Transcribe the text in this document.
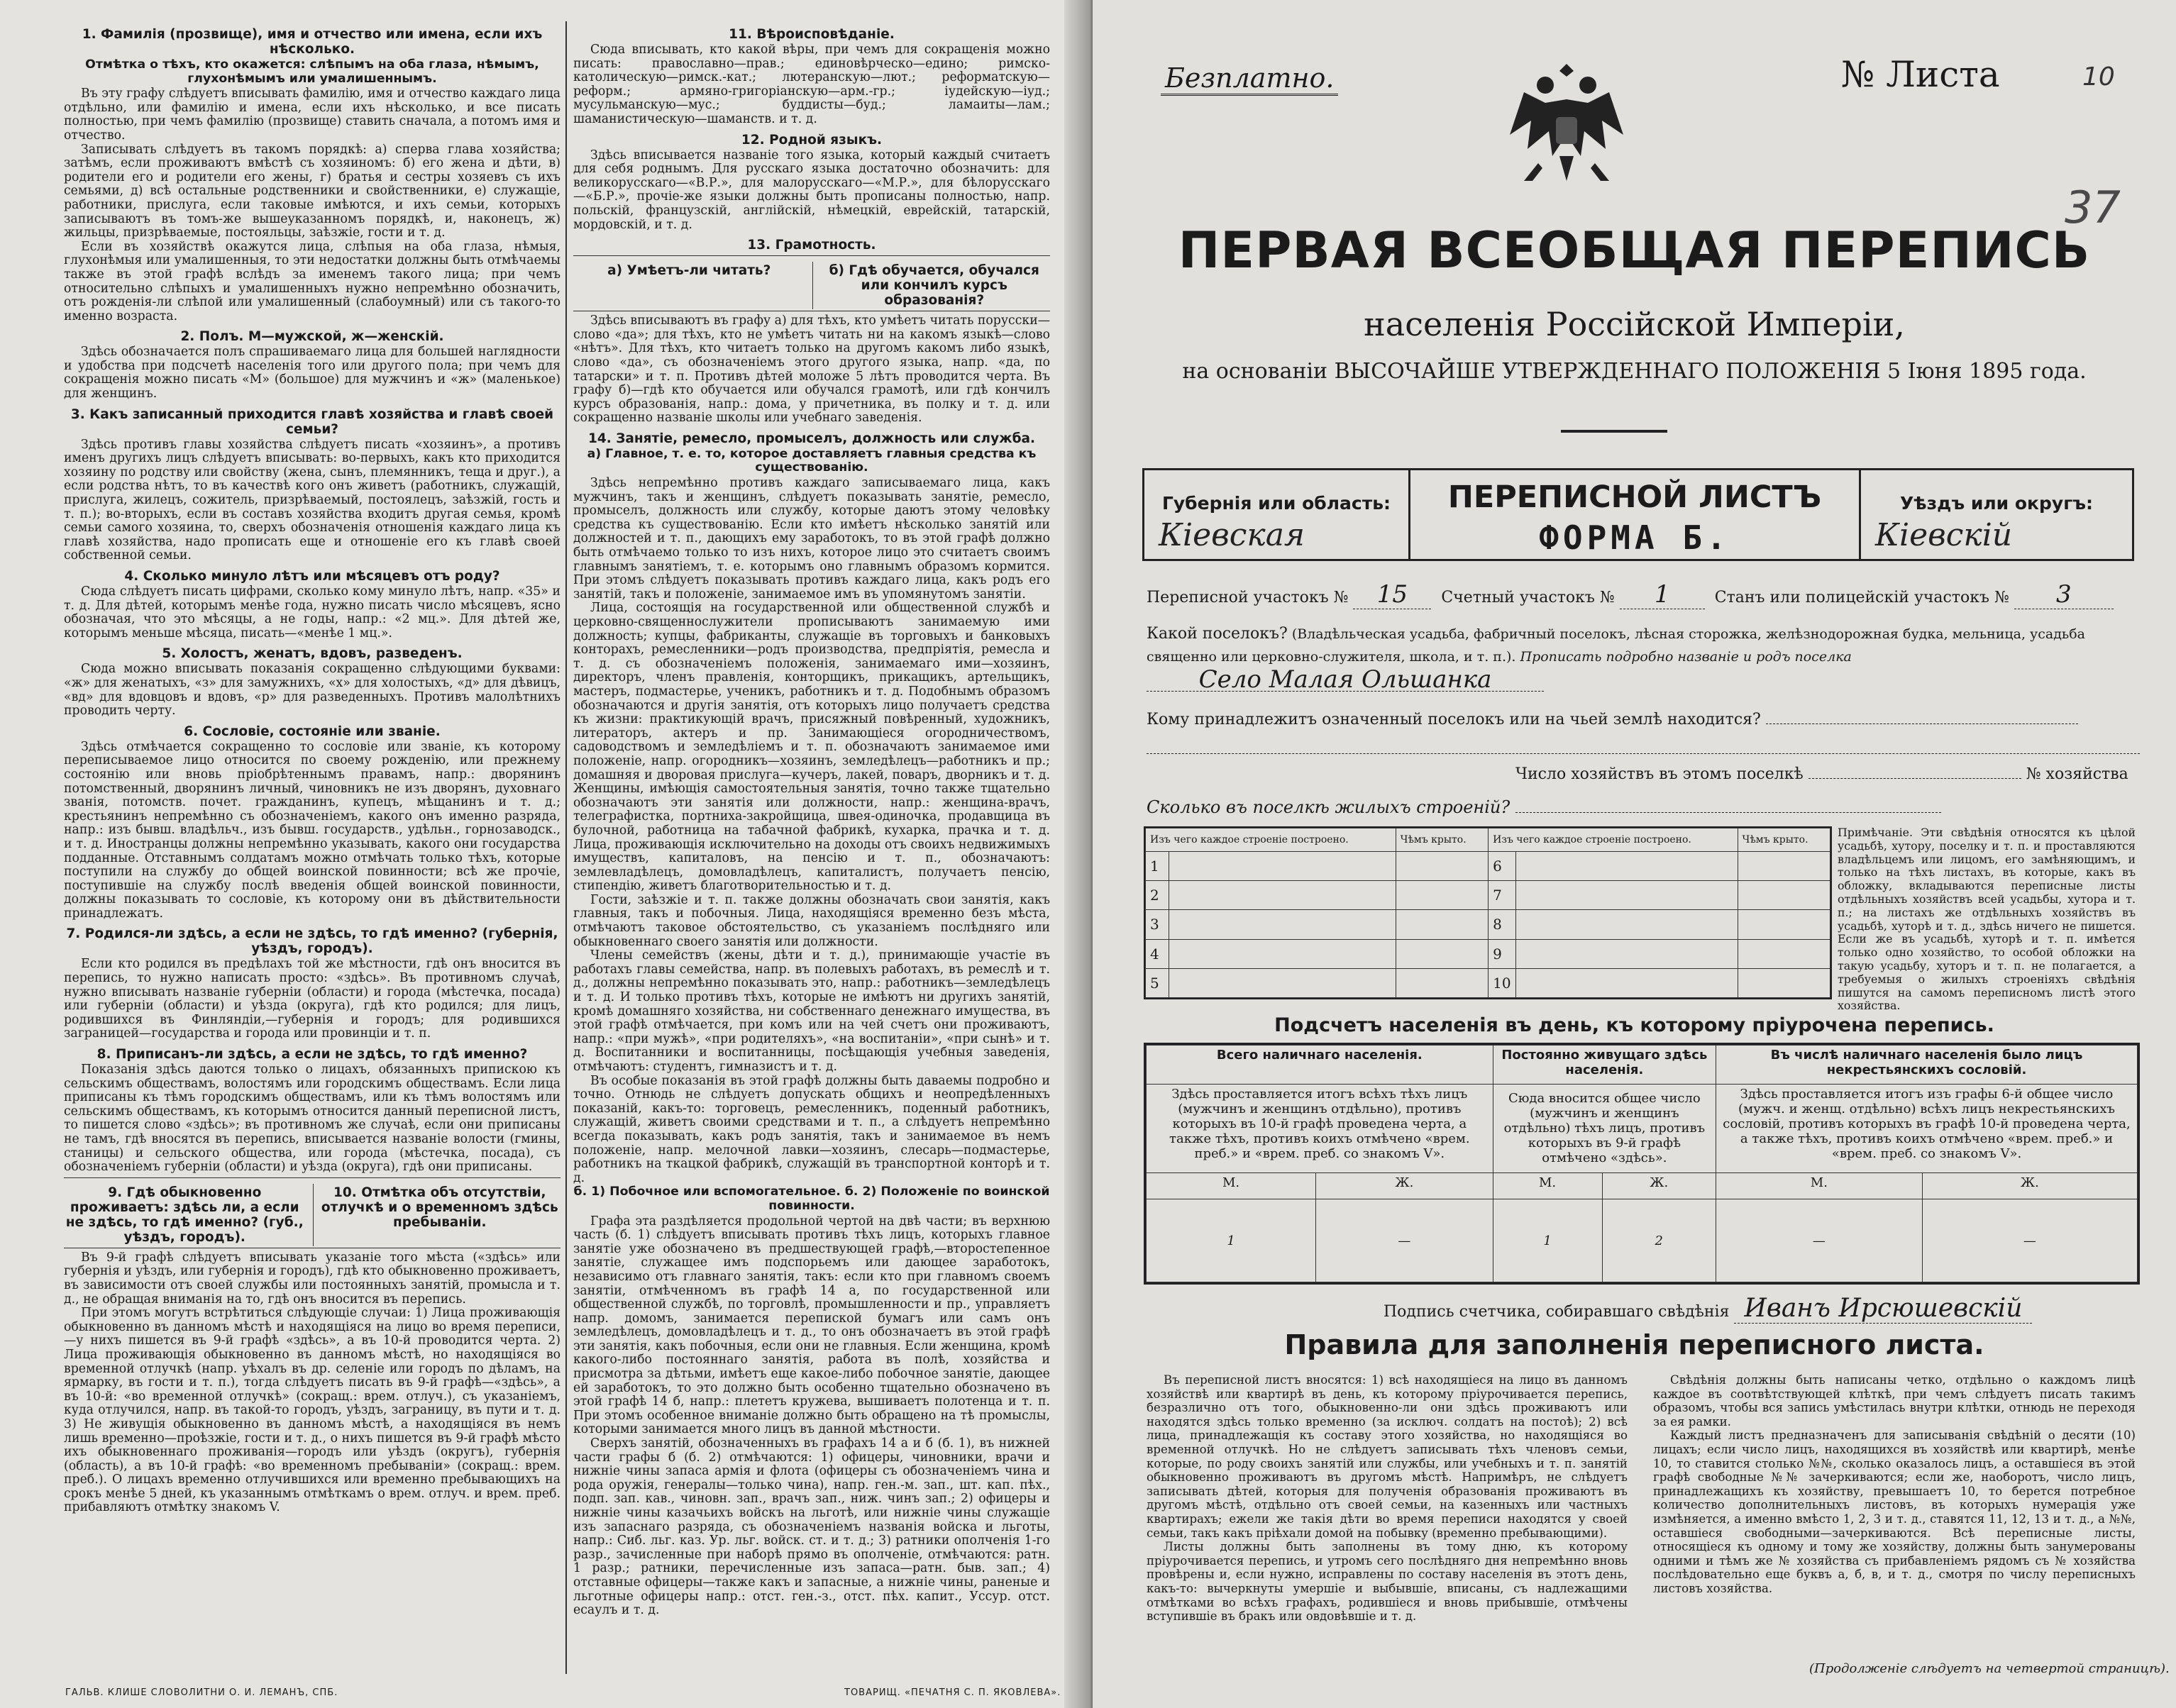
1. Фамилія (прозвище), имя и отчество или имена, если ихъ нѣсколько.
Отмѣтка о тѣхъ, кто окажется: слѣпымъ на оба глаза, нѣмымъ, глухонѣмымъ или умалишеннымъ.

Въ эту графу слѣдуетъ вписывать фамилію, имя и отчество каждаго лица отдѣльно, или фамилію и имена, если ихъ нѣсколько, и все писать полностью, при чемъ фамилію (прозвище) ставить сначала, а потомъ имя и отчество.

Записывать слѣдуетъ въ такомъ порядкѣ: а) сперва глава хозяйства; затѣмъ, если проживаютъ вмѣстѣ съ хозяиномъ: б) его жена и дѣти, в) родители его и родители его жены, г) братья и сестры хозяевъ съ ихъ семьями, д) всѣ остальные родственники и свойственники, е) служащіе, работники, прислуга, если таковые имѣются, и ихъ семьи, которыхъ записываютъ въ томъ-же вышеуказанномъ порядкѣ, и, наконецъ, ж) жильцы, призрѣваемые, постояльцы, заѣзжіе, гости и т. д.

Если въ хозяйствѣ окажутся лица, слѣпыя на оба глаза, нѣмыя, глухонѣмыя или умалишенныя, то эти недостатки должны быть отмѣчаемы также въ этой графѣ вслѣдъ за именемъ такого лица; при чемъ относительно слѣпыхъ и умалишенныхъ нужно непремѣнно обозначить, отъ рожденія-ли слѣпой или умалишенный (слабоумный) или съ такого-то именно возраста.

2. Полъ. М—мужской, ж—женскій.

Здѣсь обозначается полъ спрашиваемаго лица для большей наглядности и удобства при подсчетѣ населенія того или другого пола; при чемъ для сокращенія можно писать «М» (большое) для мужчинъ и «ж» (маленькое) для женщинъ.

3. Какъ записанный приходится главѣ хозяйства и главѣ своей семьи?

Здѣсь противъ главы хозяйства слѣдуетъ писать «хозяинъ», а противъ именъ другихъ лицъ слѣдуетъ вписывать: во-первыхъ, какъ кто приходится хозяину по родству или свойству (жена, сынъ, племянникъ, теща и друг.), а если родства нѣтъ, то въ качествѣ кого онъ живетъ (работникъ, служащій, прислуга, жилецъ, сожитель, призрѣваемый, постоялецъ, заѣзжій, гость и т. п.); во-вторыхъ, если въ составъ хозяйства входитъ другая семья, кромѣ семьи самого хозяина, то, сверхъ обозначенія отношенія каждаго лица къ главѣ хозяйства, надо прописать еще и отношеніе его къ главѣ своей собственной семьи.

4. Сколько минуло лѣтъ или мѣсяцевъ отъ роду?

Сюда слѣдуетъ писать цифрами, сколько кому минуло лѣтъ, напр. «35» и т. д. Для дѣтей, которымъ менѣе года, нужно писать число мѣсяцевъ, ясно обозначая, что это мѣсяцы, а не годы, напр.: «2 мц.». Для дѣтей же, которымъ меньше мѣсяца, писать—«менѣе 1 мц.».

5. Холостъ, женатъ, вдовъ, разведенъ.

Сюда можно вписывать показанія сокращенно слѣдующими буквами: «ж» для женатыхъ, «з» для замужнихъ, «х» для холостыхъ, «д» для дѣвицъ, «вд» для вдовцовъ и вдовъ, «р» для разведенныхъ. Противъ малолѣтнихъ проводить черту.

6. Сословіе, состояніе или званіе.

Здѣсь отмѣчается сокращенно то сословіе или званіе, къ которому переписываемое лицо относится по своему рожденію, или прежнему состоянію или вновь пріобрѣтеннымъ правамъ, напр.: дворянинъ потомственный, дворянинъ личный, чиновникъ не изъ дворянъ, духовнаго званія, потомств. почет. гражданинъ, купецъ, мѣщанинъ и т. д.; крестьянинъ непремѣнно съ обозначеніемъ, какого онъ именно разряда, напр.: изъ бывш. владѣльч., изъ бывш. государств., удѣльн., горнозаводск., и т. д. Иностранцы должны непремѣнно указывать, какого они государства подданные. Отставнымъ солдатамъ можно отмѣчать только тѣхъ, которые поступили на службу до общей воинской повинности; всѣ же прочіе, поступившіе на службу послѣ введенія общей воинской повинности, должны показывать то сословіе, къ которому они въ дѣйствительности принадлежатъ.

7. Родился-ли здѣсь, а если не здѣсь, то гдѣ именно? (губернія, уѣздъ, городъ).

Если кто родился въ предѣлахъ той же мѣстности, гдѣ онъ вносится въ перепись, то нужно написать просто: «здѣсь». Въ противномъ случаѣ, нужно вписывать названіе губерніи (области) и города (мѣстечка, посада) или губерніи (области) и уѣзда (округа), гдѣ кто родился; для лицъ, родившихся въ Финляндіи,—губернія и городъ; для родившихся заграницей—государства и города или провинціи и т. п.

8. Приписанъ-ли здѣсь, а если не здѣсь, то гдѣ именно?

Показанія здѣсь даются только о лицахъ, обязанныхъ припискою къ сельскимъ обществамъ, волостямъ или городскимъ обществамъ. Если лица приписаны къ тѣмъ городскимъ обществамъ, или къ тѣмъ волостямъ или сельскимъ обществамъ, къ которымъ относится данный переписной листъ, то пишется слово «здѣсь»; въ противномъ же случаѣ, если они приписаны не тамъ, гдѣ вносятся въ перепись, вписывается названіе волости (гмины, станицы) и сельского общества, или города (мѣстечка, посада), съ обозначеніемъ губерніи (области) и уѣзда (округа), гдѣ они приписаны.

9. Гдѣ обыкновенно проживаетъ: здѣсь ли, а если не здѣсь, то гдѣ именно? (губ., уѣздъ, городъ).
10. Отмѣтка объ отсутствіи, отлучкѣ и о временномъ здѣсь пребываніи.

Въ 9-й графѣ слѣдуетъ вписывать указаніе того мѣста («здѣсь» или губернія и уѣздъ, или губернія и городъ), гдѣ кто обыкновенно проживаетъ, въ зависимости отъ своей службы или постоянныхъ занятій, промысла и т. д., не обращая вниманія на то, гдѣ онъ вносится въ перепись.

При этомъ могутъ встрѣтиться слѣдующіе случаи: 1) Лица проживающія обыкновенно въ данномъ мѣстѣ и находящіяся на лицо во время переписи,—у нихъ пишется въ 9-й графѣ «здѣсь», а въ 10-й проводится черта. 2) Лица проживающія обыкновенно въ данномъ мѣстѣ, но находящіяся во временной отлучкѣ (напр. уѣхалъ въ др. селеніе или городъ по дѣламъ, на ярмарку, въ гости и т. п.), тогда слѣдуетъ писать въ 9-й графѣ—«здѣсь», а въ 10-й: «во временной отлучкѣ» (сокращ.: врем. отлуч.), съ указаніемъ, куда отлучился, напр. въ такой-то городъ, уѣздъ, заграницу, въ пути и т. д. 3) Не живущія обыкновенно въ данномъ мѣстѣ, а находящіяся въ немъ лишь временно—проѣзжіе, гости и т. д., о нихъ пишется въ 9-й графѣ мѣсто ихъ обыкновеннаго проживанія—городъ или уѣздъ (округъ), губернія (область), а въ 10-й графѣ: «во временномъ пребываніи» (сокращ.: врем. преб.). О лицахъ временно отлучившихся или временно пребывающихъ на срокъ менѣе 5 дней, къ указаннымъ отмѣткамъ о врем. отлуч. и врем. преб. прибавляютъ отмѣтку знакомъ V.

11. Вѣроисповѣданіе.

Сюда вписывать, кто какой вѣры, при чемъ для сокращенія можно писать: православно—прав.; единовѣрческо—едино; римско-католическую—римск.-кат.; лютеранскую—лют.; реформатскую—реформ.; армяно-григоріанскую—арм.-гр.; іудейскую—іуд.; мусульманскую—мус.; буддисты—буд.; ламаиты—лам.; шаманистическую—шаманств. и т. д.

12. Родной языкъ.

Здѣсь вписывается названіе того языка, который каждый считаетъ для себя роднымъ. Для русскаго языка достаточно обозначить: для великорусскаго—«В.Р.», для малорусскаго—«М.Р.», для бѣлорусскаго—«Б.Р.», прочіе-же языки должны быть прописаны полностью, напр. польскій, французскій, англійскій, нѣмецкій, еврейскій, татарскій, мордовскій, и т. д.

13. Грамотность.
а) Умѣетъ-ли читать?	б) Гдѣ обучается, обучался или кончилъ курсъ образованія?

Здѣсь вписываютъ въ графу а) для тѣхъ, кто умѣетъ читать порусски—слово «да»; для тѣхъ, кто не умѣетъ читать ни на какомъ языкѣ—слово «нѣтъ». Для тѣхъ, кто читаетъ только на другомъ какомъ либо языкѣ, слово «да», съ обозначеніемъ этого другого языка, напр. «да, по татарски» и т. п. Противъ дѣтей моложе 5 лѣтъ проводится черта. Въ графу б)—гдѣ кто обучается или обучался грамотѣ, или гдѣ кончилъ курсъ образованія, напр.: дома, у причетника, въ полку и т. д. или сокращенно названіе школы или учебнаго заведенія.

14. Занятіе, ремесло, промыселъ, должность или служба.
а) Главное, т. е. то, которое доставляетъ главныя средства къ существованію.

Здѣсь непремѣнно противъ каждаго записываемаго лица, какъ мужчинъ, такъ и женщинъ, слѣдуетъ показывать занятіе, ремесло, промыселъ, должность или службу, которые даютъ этому человѣку средства къ существованію. Если кто имѣетъ нѣсколько занятій или должностей и т. п., дающихъ ему заработокъ, то въ этой графѣ должно быть отмѣчаемо только то изъ нихъ, которое лицо это считаетъ своимъ главнымъ занятіемъ, т. е. которымъ оно главнымъ образомъ кормится. При этомъ слѣдуетъ показывать противъ каждаго лица, какъ родъ его занятій, такъ и положеніе, занимаемое имъ въ упомянутомъ занятіи.

Лица, состоящія на государственной или общественной службѣ и церковно-священнослужители прописываютъ занимаемую ими должность; купцы, фабриканты, служащіе въ торговыхъ и банковыхъ конторахъ, ремесленники—родъ производства, предпріятія, ремесла и т. д. съ обозначеніемъ положенія, занимаемаго ими—хозяинъ, директоръ, членъ правленія, конторщикъ, прикащикъ, артельщикъ, мастеръ, подмастерье, ученикъ, работникъ и т. д. Подобнымъ образомъ обозначаются и другія занятія, отъ которыхъ лицо получаетъ средства къ жизни: практикующій врачъ, присяжный повѣренный, художникъ, литераторъ, актеръ и пр. Занимающіеся огородничествомъ, садоводствомъ и земледѣліемъ и т. п. обозначаютъ занимаемое ими положеніе, напр. огородникъ—хозяинъ, земледѣлецъ—работникъ и пр.; домашняя и дворовая прислуга—кучеръ, лакей, поваръ, дворникъ и т. д. Женщины, имѣющія самостоятельныя занятія, точно также тщательно обозначаютъ эти занятія или должности, напр.: женщина-врачъ, телеграфистка, портниха-закройщица, швея-одиночка, продавщица въ булочной, работница на табачной фабрикѣ, кухарка, прачка и т. д. Лица, проживающія исключительно на доходы отъ своихъ недвижимыхъ имуществъ, капиталовъ, на пенсію и т. п., обозначаютъ: землевладѣлецъ, домовладѣлецъ, капиталистъ, получаетъ пенсію, стипендію, живетъ благотворительностью и т. д.

Гости, заѣзжіе и т. п. также должны обозначать свои занятія, какъ главныя, такъ и побочныя. Лица, находящіяся временно безъ мѣста, отмѣчаютъ таковое обстоятельство, съ указаніемъ послѣдняго или обыкновеннаго своего занятія или должности.

Члены семействъ (жены, дѣти и т. д.), принимающіе участіе въ работахъ главы семейства, напр. въ полевыхъ работахъ, въ ремеслѣ и т. д., должны непремѣнно показывать это, напр.: работникъ—земледѣлецъ и т. д. И только противъ тѣхъ, которые не имѣютъ ни другихъ занятій, кромѣ домашняго хозяйства, ни собственнаго денежнаго имущества, въ этой графѣ отмѣчается, при комъ или на чей счетъ они проживаютъ, напр.: «при мужѣ», «при родителяхъ», «на воспитаніи», «при сынѣ» и т. д. Воспитанники и воспитанницы, посѣщающія учебныя заведенія, отмѣчаютъ: студентъ, гимназистъ и т. д.

Въ особые показанія въ этой графѣ должны быть даваемы подробно и точно. Отнюдь не слѣдуетъ допускать общихъ и неопредѣленныхъ показаній, какъ-то: торговецъ, ремесленникъ, поденный работникъ, служащій, живетъ своими средствами и т. п., а слѣдуетъ непремѣнно всегда показывать, какъ родъ занятія, такъ и занимаемое въ немъ положеніе, напр. мелочной лавки—хозяинъ, слесарь—подмастерье, работникъ на ткацкой фабрикѣ, служащій въ транспортной конторѣ и т. д.

б. 1) Побочное или вспомогательное. б. 2) Положеніе по воинской повинности.

Графа эта раздѣляется продольной чертой на двѣ части; въ верхнюю часть (б. 1) слѣдуетъ вписывать противъ тѣхъ лицъ, которыхъ главное занятіе уже обозначено въ предшествующей графѣ,—второстепенное занятіе, служащее имъ подспорьемъ или дающее заработокъ, независимо отъ главнаго занятія, такъ: если кто при главномъ своемъ занятіи, отмѣченномъ въ графѣ 14 а, по государственной или общественной службѣ, по торговлѣ, промышленности и пр., управляетъ напр. домомъ, занимается перепиской бумагъ или самъ онъ земледѣлецъ, домовладѣлецъ и т. д., то онъ обозначаетъ въ этой графѣ эти занятія, какъ побочныя, если они не главныя. Если женщина, кромѣ какого-либо постояннаго занятія, работа въ полѣ, хозяйства и присмотра за дѣтьми, имѣетъ еще какое-либо побочное занятіе, дающее ей заработокъ, то это должно быть особенно тщательно обозначено въ этой графѣ 14 б, напр.: плететъ кружева, вышиваетъ полотенца и т. п. При этомъ особенное вниманіе должно быть обращено на тѣ промыслы, которыми занимается много лицъ въ данной мѣстности.

Сверхъ занятій, обозначенныхъ въ графахъ 14 а и б (б. 1), въ нижней части графы б (б. 2) отмѣчаются: 1) офицеры, чиновники, врачи и нижніе чины запаса армія и флота (офицеры съ обозначеніемъ чина и рода оружія, генералы—только чина), напр. ген.-м. зап., шт. кап. пѣх., подп. зап. кав., чиновн. зап., врачъ зап., ниж. чинъ зап.; 2) офицеры и нижніе чины казачьихъ войскъ на льготѣ, или нижніе чины служащіе изъ запаснаго разряда, съ обозначеніемъ названія войска и льготы, напр.: Сиб. льг. каз. Ур. льг. войск. ст. и т. д.; 3) ратники ополченія 1-го разр., зачисленные при наборѣ прямо въ ополченіе, отмѣчаются: ратн. 1 разр.; ратники, перечисленные изъ запаса—ратн. быв. зап.; 4) отставные офицеры—также какъ и запасные, а нижніе чины, раненые и льготные офицеры напр.: отст. ген.-з., отст. пѣх. капит., Уссур. отст. есаулъ и т. д.

ГАЛЬВ. КЛИШЕ СЛОВОЛИТНИ О. И. ЛЕМАНЪ, СПБ.	ТОВАРИЩ. «ПЕЧАТНЯ С. П. ЯКОВЛЕВА».
Безплатно.	№ Листа	10
37
ПЕРВАЯ ВСЕОБЩАЯ ПЕРЕПИСЬ
населенія Россійской Имперіи,
на основаніи ВЫСОЧАЙШЕ УТВЕРЖДЕННАГО ПОЛОЖЕНІЯ 5 Іюня 1895 года.
Губернія или область:
Кіевская
ПЕРЕПИСНОЙ ЛИСТЪ
ФОРМА Б.
Уѣздъ или округъ:
Кіевскій
Переписной участокъ № 15 Счетный участокъ № 1	Станъ или полицейскій участокъ № 3
Какой поселокъ? (Владѣльческая усадьба, фабричный поселокъ, лѣсная сторожка, желѣзнодорожная будка, мельница, усадьба священно или церковно-служителя, школа, и т. п.). Прописать подробно названіе и родъ поселка Село Малая Ольшанка
Кому принадлежитъ означенный поселокъ или на чьей землѣ находится?
Число хозяйствъ въ этомъ поселкѣ	№ хозяйства
Сколько въ поселкѣ жилыхъ строеній?
Изъ чего каждое строеніе построено.		Чѣмъ крыто.	Изъ чего каждое строеніе построено.		Чѣмъ крыто.
1			6		
2			7		
3			8		
4			9		
5			10		
Примѣчаніе. Эти свѣдѣнія относятся къ цѣлой усадьбѣ, хутору, поселку и т. п. и проставляются владѣльцемъ или лицомъ, его замѣняющимъ, и только на тѣхъ листахъ, въ которые, какъ въ обложку, вкладываются переписные листы отдѣльныхъ хозяйствъ всей усадьбы, хутора и т. п.; на листахъ же отдѣльныхъ хозяйствъ въ усадьбѣ, хуторѣ и т. д., здѣсь ничего не пишется. Если же въ усадьбѣ, хуторѣ и т. п. имѣется только одно хозяйство, то особой обложки на такую усадьбу, хуторъ и т. п. не полагается, а требуемыя о жилыхъ строеніяхъ свѣдѣнія пишутся на самомъ переписномъ листѣ этого хозяйства.
Подсчетъ населенія въ день, къ которому пріурочена перепись.
Всего наличнаго населенія.		Постоянно живущаго здѣсь населенія.		Въ числѣ наличнаго населенія было лицъ некрестьянскихъ сословій.	
Здѣсь проставляется итогъ всѣхъ тѣхъ лицъ (мужчинъ и женщинъ отдѣльно), противъ которыхъ въ 10-й графѣ проведена черта, а также тѣхъ, противъ коихъ отмѣчено «врем. преб.» и «врем. преб. со знакомъ V».		Сюда вносится общее число (мужчинъ и женщинъ отдѣльно) тѣхъ лицъ, противъ которыхъ въ 9-й графѣ отмѣчено «здѣсь».		Здѣсь проставляется итогъ изъ графы 6-й общее число (мужч. и женщ. отдѣльно) всѣхъ лицъ некрестьянскихъ сословій, противъ которыхъ въ графѣ 10-й проведена черта, а также тѣхъ, противъ коихъ отмѣчено «врем. преб.» и «врем. преб. со знакомъ V».	
М.	Ж.	М.	Ж.	М.	Ж.
1	—	1	2	—	—
Подпись счетчика, собиравшаго свѣдѣнія Иванъ Ирсюшевскій
Правила для заполненія переписного листа.

Въ переписной листъ вносятся: 1) всѣ находящіеся на лицо въ данномъ хозяйствѣ или квартирѣ въ день, къ которому пріурочивается перепись, безразлично отъ того, обыкновенно-ли они здѣсь проживаютъ или находятся здѣсь только временно (за исключ. солдатъ на постоѣ); 2) всѣ лица, принадлежащія къ составу этого хозяйства, но находящіяся во временной отлучкѣ. Но не слѣдуетъ записывать тѣхъ членовъ семьи, которые, по роду своихъ занятій или службы, или учебныхъ и т. п. занятій обыкновенно проживаютъ въ другомъ мѣстѣ. Напримѣръ, не слѣдуетъ записывать дѣтей, которыя для полученія образованія проживаютъ въ другомъ мѣстѣ, отдѣльно отъ своей семьи, на казенныхъ или частныхъ квартирахъ; ежели же такія дѣти во время переписи находятся у своей семьи, такъ какъ пріѣхали домой на побывку (временно пребывающими).

Листы должны быть заполнены въ тому дню, къ которому пріурочивается перепись, и утромъ сего послѣдняго дня непремѣнно вновь провѣрены и, если нужно, исправлены по составу населенія въ этотъ день, какъ-то: вычеркнуты умершіе и выбывшіе, вписаны, съ надлежащими отмѣтками во всѣхъ графахъ, родившіеся и вновь прибывшіе, отмѣчены вступившіе въ бракъ или овдовѣвшіе и т. д.

Свѣдѣнія должны быть написаны четко, отдѣльно о каждомъ лицѣ каждое въ соотвѣтствующей клѣткѣ, при чемъ слѣдуетъ писать такимъ образомъ, чтобы вся запись умѣстилась внутри клѣтки, отнюдь не переходя за ея рамки.

Каждый листъ предназначенъ для записыванія свѣдѣній о десяти (10) лицахъ; если число лицъ, находящихся въ хозяйствѣ или квартирѣ, менѣе 10, то ставится столько №№, сколько оказалось лицъ, а оставшіеся въ этой графѣ свободные №№ зачеркиваются; если же, наоборотъ, число лицъ, принадлежащихъ къ хозяйству, превышаетъ 10, то берется потребное количество дополнительныхъ листовъ, въ которыхъ нумерація уже измѣняется, а именно вмѣсто 1, 2, 3 и т. д., ставятся 11, 12, 13 и т. д., а №№, оставшіеся свободными—зачеркиваются. Всѣ переписные листы, относящіеся къ одному и тому же хозяйству, должны быть занумерованы одними и тѣмъ же № хозяйства съ прибавленіемъ рядомъ съ № хозяйства послѣдовательно еще буквъ а, б, в, и т. д., смотря по числу переписныхъ листовъ хозяйства.

(Продолженіе слѣдуетъ на четвертой страницѣ).
